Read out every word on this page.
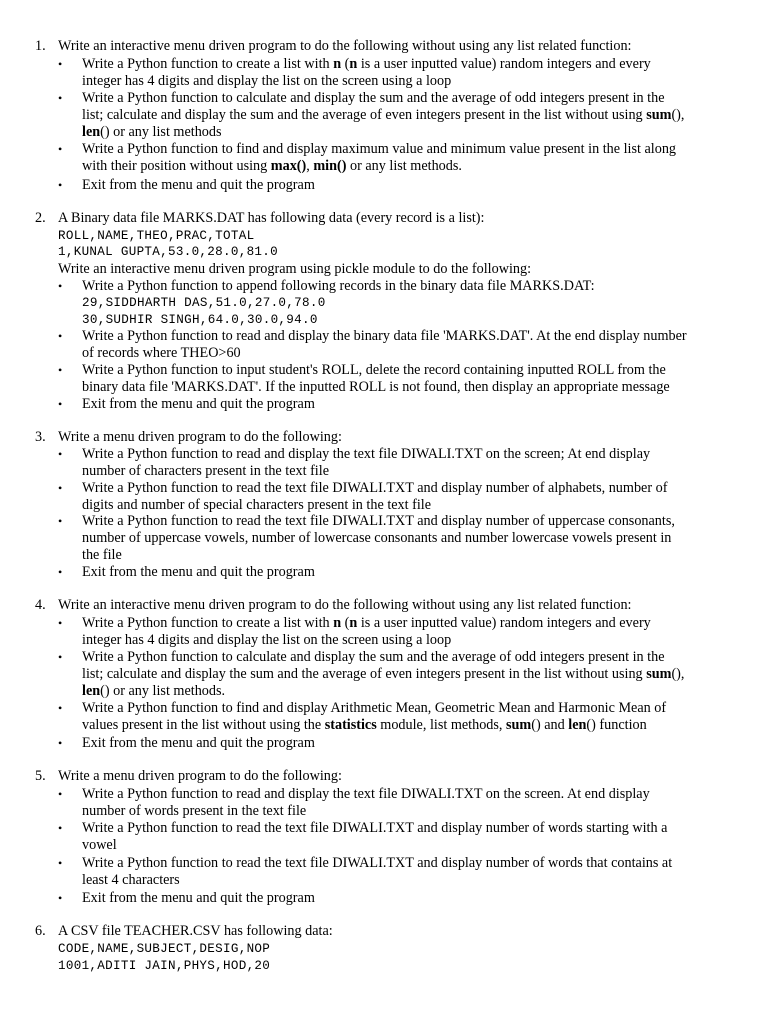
1. Write an interactive menu driven program to do the following without using any list related function:
• Write a Python function to create a list with n (n is a user inputted value) random integers and every
integer has 4 digits and display the list on the screen using a loop
• Write a Python function to calculate and display the sum and the average of odd integers present in the
list; calculate and display the sum and the average of even integers present in the list without using sum(),
len() or any list methods
• Write a Python function to find and display maximum value and minimum value present in the list along
with their position without using max(), min() or any list methods.
• Exit from the menu and quit the program
2. A Binary data file MARKS.DAT has following data (every record is a list):
ROLL,NAME,THEO,PRAC,TOTAL
1,KUNAL GUPTA,53.0,28.0,81.0
Write an interactive menu driven program using pickle module to do the following:
• Write a Python function to append following records in the binary data file MARKS.DAT:
29,SIDDHARTH DAS,51.0,27.0,78.0
30,SUDHIR SINGH,64.0,30.0,94.0
• Write a Python function to read and display the binary data file 'MARKS.DAT'. At the end display number
of records where THEO>60
• Write a Python function to input student's ROLL, delete the record containing inputted ROLL from the
binary data file 'MARKS.DAT'. If the inputted ROLL is not found, then display an appropriate message
• Exit from the menu and quit the program
3. Write a menu driven program to do the following:
• Write a Python function to read and display the text file DIWALI.TXT on the screen; At end display
number of characters present in the text file
• Write a Python function to read the text file DIWALI.TXT and display number of alphabets, number of
digits and number of special characters present in the text file
• Write a Python function to read the text file DIWALI.TXT and display number of uppercase consonants,
number of uppercase vowels, number of lowercase consonants and number lowercase vowels present in
the file
• Exit from the menu and quit the program
4. Write an interactive menu driven program to do the following without using any list related function:
• Write a Python function to create a list with n (n is a user inputted value) random integers and every
integer has 4 digits and display the list on the screen using a loop
• Write a Python function to calculate and display the sum and the average of odd integers present in the
list; calculate and display the sum and the average of even integers present in the list without using sum(),
len() or any list methods.
• Write a Python function to find and display Arithmetic Mean, Geometric Mean and Harmonic Mean of
values present in the list without using the statistics module, list methods, sum() and len() function
• Exit from the menu and quit the program
5. Write a menu driven program to do the following:
• Write a Python function to read and display the text file DIWALI.TXT on the screen. At end display
number of words present in the text file
• Write a Python function to read the text file DIWALI.TXT and display number of words starting with a
vowel
• Write a Python function to read the text file DIWALI.TXT and display number of words that contains at
least 4 characters
• Exit from the menu and quit the program
6. A CSV file TEACHER.CSV has following data:
CODE,NAME,SUBJECT,DESIG,NOP
1001,ADITI JAIN,PHYS,HOD,20
